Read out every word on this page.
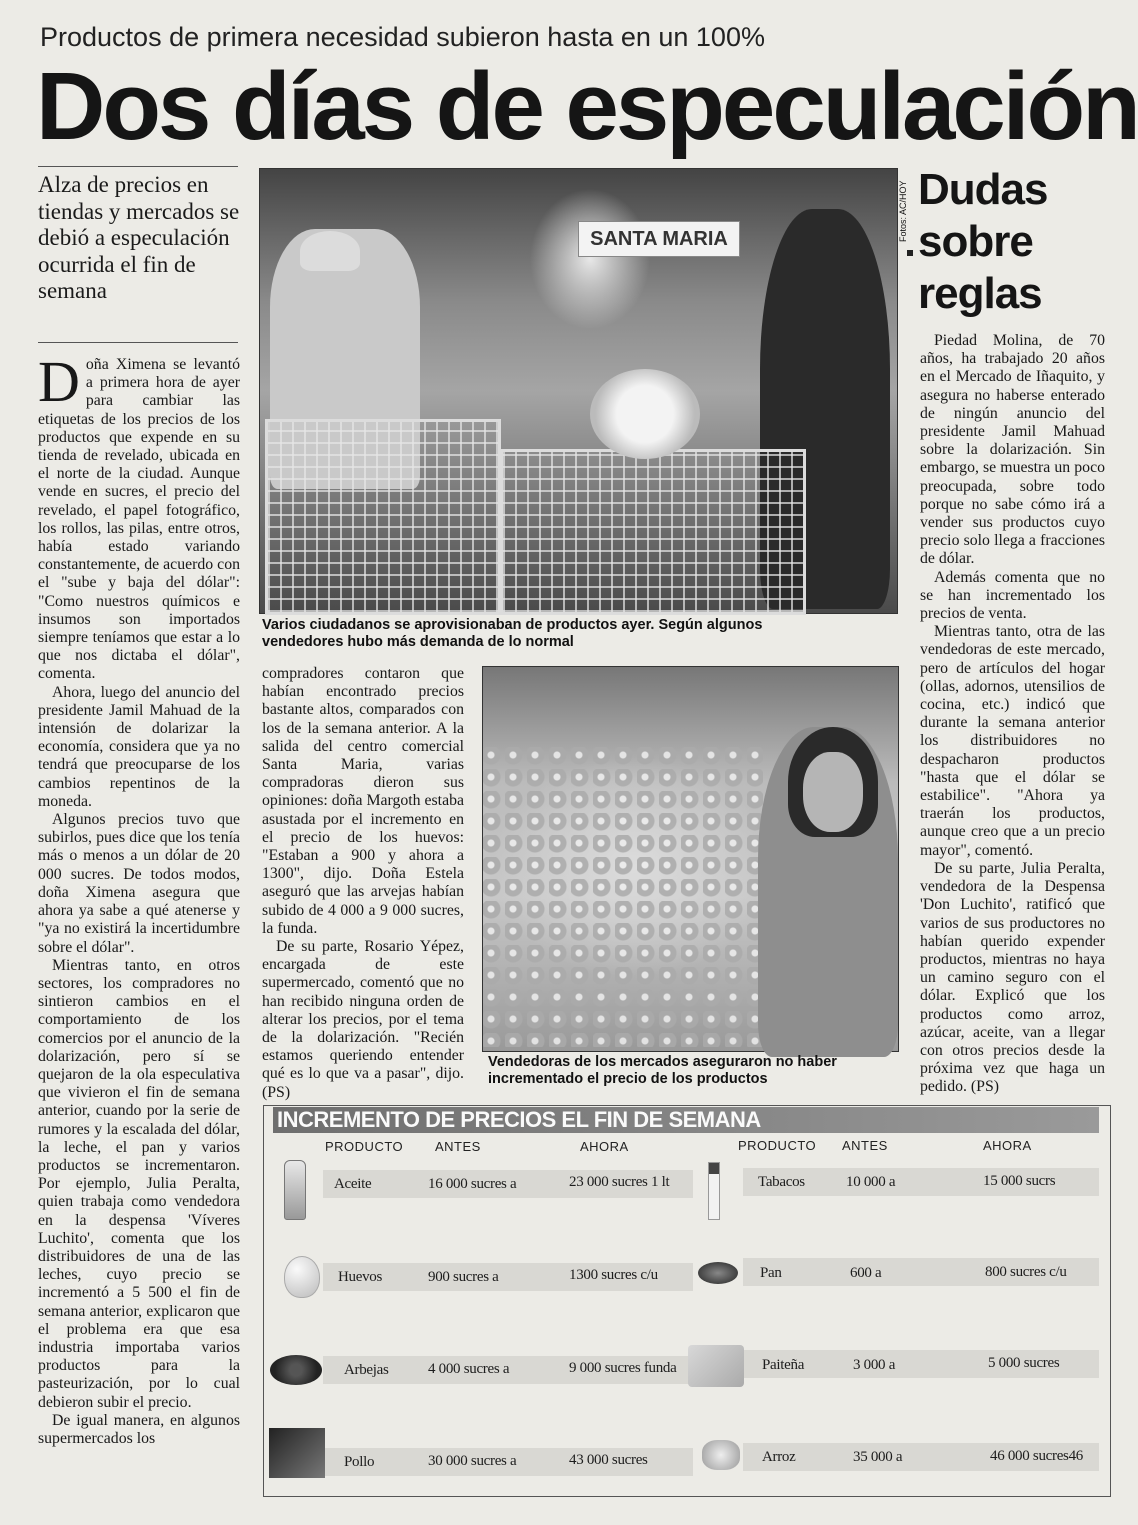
Productos de primera necesidad subieron hasta en un 100%
Dos días de especulación
Alza de precios en tiendas y mercados se debió a especulación ocurrida el fin de semana

Doña Ximena se levantó a primera hora de ayer para cambiar las etiquetas de los precios de los productos que expende en su tienda de revelado, ubicada en el norte de la ciudad. Aunque vende en sucres, el precio del revelado, el papel fotográfico, los rollos, las pilas, entre otros, había estado variando constantemente, de acuerdo con el "sube y baja del dólar": "Como nuestros químicos e insumos son importados siempre teníamos que estar a lo que nos dictaba el dólar", comenta.

Ahora, luego del anuncio del presidente Jamil Mahuad de la intensión de dolarizar la economía, considera que ya no tendrá que preocuparse de los cambios repentinos de la moneda.

Algunos precios tuvo que subirlos, pues dice que los tenía más o menos a un dólar de 20 000 sucres. De todos modos, doña Ximena asegura que ahora ya sabe a qué atenerse y "ya no existirá la incertidumbre sobre el dólar".

Mientras tanto, en otros sectores, los compradores no sintieron cambios en el comportamiento de los comercios por el anuncio de la dolarización, pero sí se quejaron de la ola especulativa que vivieron el fin de semana anterior, cuando por la serie de rumores y la escalada del dólar, la leche, el pan y varios productos se incrementaron. Por ejemplo, Julia Peralta, quien trabaja como vendedora en la despensa 'Víveres Luchito', comenta que los distribuidores de una de las leches, cuyo precio se incrementó a 5 500 el fin de semana anterior, explicaron que el problema era que esa industria importaba varios productos para la pasteurización, por lo cual debieron subir el precio.

De igual manera, en algunos supermercados los

SANTA MARIA	Fotos: AC/HOY
Varios ciudadanos se aprovisionaban de productos ayer. Según algunos vendedores hubo más demanda de lo normal

compradores contaron que habían encontrado precios bastante altos, comparados con los de la semana anterior. A la salida del centro comercial Santa Maria, varias compradoras dieron sus opiniones: doña Margoth estaba asustada por el incremento en el precio de los huevos: "Estaban a 900 y ahora a 1300", dijo. Doña Estela aseguró que las arvejas habían subido de 4 000 a 9 000 sucres, la funda.

De su parte, Rosario Yépez, encargada de este supermercado, comentó que no han recibido ninguna orden de alterar los precios, por el tema de la dolarización. "Recién estamos queriendo entender qué es lo que va a pasar", dijo. (PS)

Vendedoras de los mercados aseguraron no haber incrementado el precio de los productos
Dudas
sobre
reglas

Piedad Molina, de 70 años, ha trabajado 20 años en el Mercado de Iñaquito, y asegura no haberse enterado de ningún anuncio del presidente Jamil Mahuad sobre la dolarización. Sin embargo, se muestra un poco preocupada, sobre todo porque no sabe cómo irá a vender sus productos cuyo precio solo llega a fracciones de dólar.

Además comenta que no se han incrementado los precios de venta.

Mientras tanto, otra de las vendedoras de este mercado, pero de artículos del hogar (ollas, adornos, utensilios de cocina, etc.) indicó que durante la semana anterior los distribuidores no despacharon productos "hasta que el dólar se estabilice". "Ahora ya traerán los productos, aunque creo que a un precio mayor", comentó.

De su parte, Julia Peralta, vendedora de la Despensa 'Don Luchito', ratificó que varios de sus productores no habían querido expender productos, mientras no haya un camino seguro con el dólar. Explicó que los productos como arroz, azúcar, aceite, van a llegar con otros precios desde la próxima vez que haga un pedido. (PS)

INCREMENTO DE PRECIOS EL FIN DE SEMANA
PRODUCTO ANTES	AHORA	PRODUCTO ANTES	AHORA
Aceite	16 000 sucres a	23 000 sucres 1 lt
Huevos	900 sucres a	1300 sucres c/u
Arbejas	4 000 sucres a	9 000 sucres funda
Pollo	30 000 sucres a	43 000 sucres
Tabacos	10 000 a	15 000 sucrs
Pan	600 a	800 sucres c/u
Paiteña	3 000 a	5 000 sucres
Arroz	35 000 a	46 000 sucres46
